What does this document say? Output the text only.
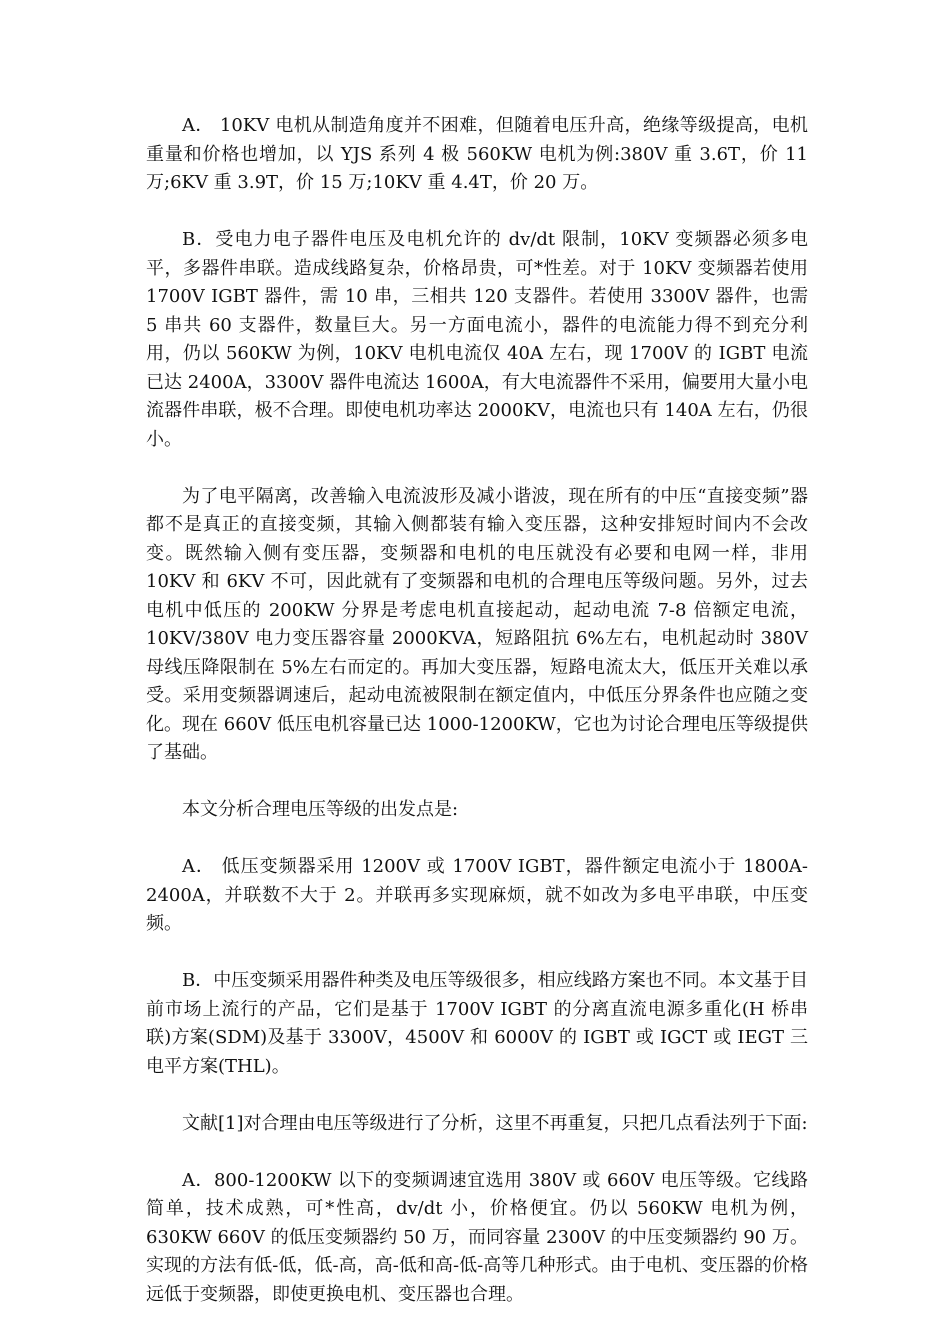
A． 10KV 电机从制造角度并不困难，但随着电压升高，绝缘等级提高，电机重量和价格也增加，以 YJS 系列 4 极 560KW 电机为例:380V 重 3.6T，价 11 万;6KV 重 3.9T，价 15 万;10KV 重 4.4T，价 20 万。

B．受电力电子器件电压及电机允许的 dv/dt 限制，10KV 变频器必须多电平，多器件串联。造成线路复杂，价格昂贵，可*性差。对于 10KV 变频器若使用 1700V IGBT 器件，需 10 串，三相共 120 支器件。若使用 3300V 器件，也需 5 串共 60 支器件，数量巨大。另一方面电流小，器件的电流能力得不到充分利用，仍以 560KW 为例，10KV 电机电流仅 40A 左右，现 1700V 的 IGBT 电流已达 2400A，3300V 器件电流达 1600A，有大电流器件不采用，偏要用大量小电流器件串联，极不合理。即使电机功率达 2000KV，电流也只有 140A 左右，仍很小。

为了电平隔离，改善输入电流波形及减小谐波，现在所有的中压“直接变频”器都不是真正的直接变频，其输入侧都装有输入变压器，这种安排短时间内不会改变。既然输入侧有变压器，变频器和电机的电压就没有必要和电网一样，非用 10KV 和 6KV 不可，因此就有了变频器和电机的合理电压等级问题。另外，过去电机中低压的 200KW 分界是考虑电机直接起动，起动电流 7-8 倍额定电流，10KV/380V 电力变压器容量 2000KVA，短路阻抗 6%左右，电机起动时 380V 母线压降限制在 5%左右而定的。再加大变压器，短路电流太大，低压开关难以承受。采用变频器调速后，起动电流被限制在额定值内，中低压分界条件也应随之变化。现在 660V 低压电机容量已达 1000-1200KW，它也为讨论合理电压等级提供了基础。

本文分析合理电压等级的出发点是:

A． 低压变频器采用 1200V 或 1700V IGBT，器件额定电流小于 1800A-2400A，并联数不大于 2。并联再多实现麻烦，就不如改为多电平串联，中压变频。

B．中压变频采用器件种类及电压等级很多，相应线路方案也不同。本文基于目前市场上流行的产品，它们是基于 1700V IGBT 的分离直流电源多重化(H 桥串联)方案(SDM)及基于 3300V，4500V 和 6000V 的 IGBT 或 IGCT 或 IEGT 三电平方案(THL)。

文献[1]对合理由电压等级进行了分析，这里不再重复，只把几点看法列于下面:

A．800-1200KW 以下的变频调速宜选用 380V 或 660V 电压等级。它线路简单，技术成熟，可*性高，dv/dt 小，价格便宜。仍以 560KW 电机为例，630KW 660V 的低压变频器约 50 万，而同容量 2300V 的中压变频器约 90 万。实现的方法有低-低，低-高，高-低和高-低-高等几种形式。由于电机、变压器的价格远低于变频器，即使更换电机、变压器也合理。
